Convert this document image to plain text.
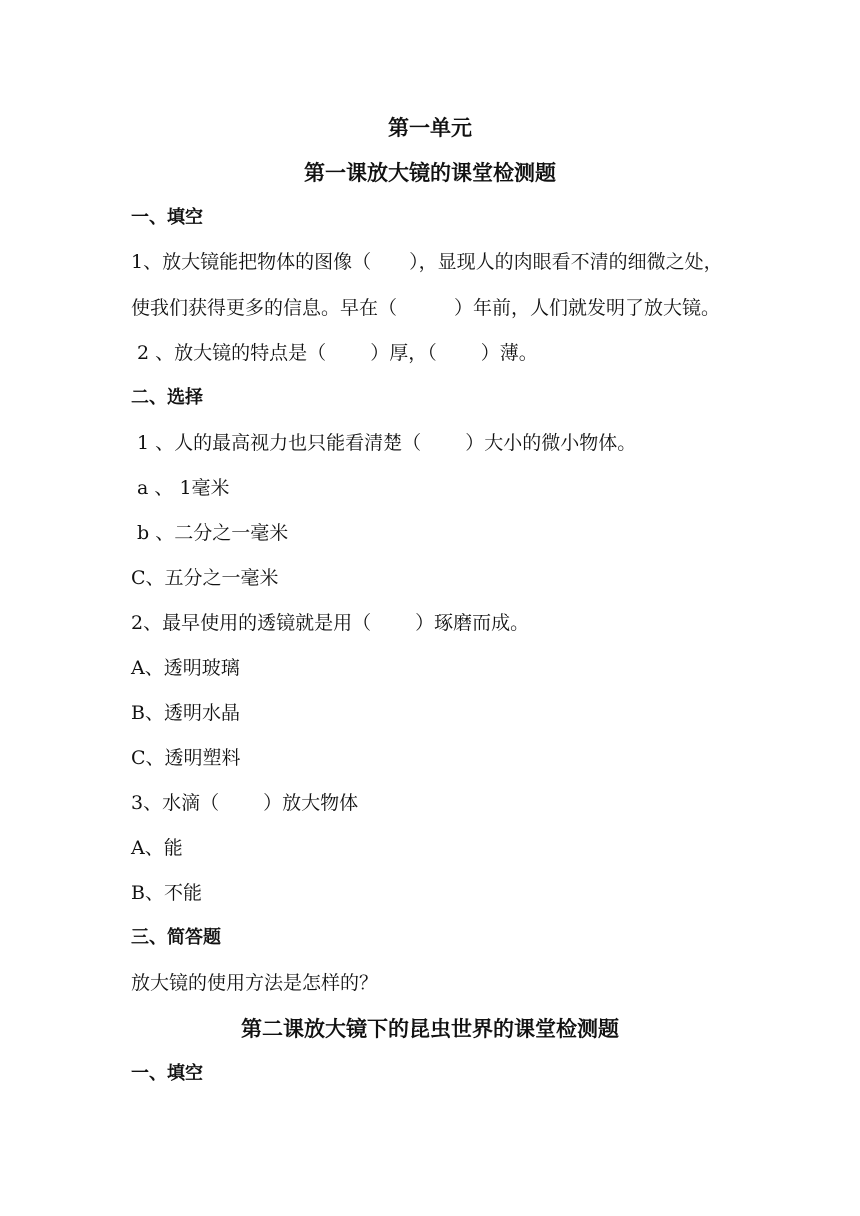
第一单元
第一课放大镜的课堂检测题
一、填空
1、放大镜能把物体的图像（　　），显现人的肉眼看不清的细微之处，
使我们获得更多的信息。早在（　　　）年前，人们就发明了放大镜。
2 、放大镜的特点是（　　 ）厚，（　　 ）薄。
二、选择
1 、人的最高视力也只能看清楚（　　 ）大小的微小物体。
a 、 1毫米
b 、二分之一毫米
C、五分之一毫米
2、最早使用的透镜就是用（　　 ）琢磨而成。
A、透明玻璃
B、透明水晶
C、透明塑料
3、水滴（　　 ）放大物体
A、能
B、不能
三、简答题
放大镜的使用方法是怎样的？
第二课放大镜下的昆虫世界的课堂检测题
一、填空
